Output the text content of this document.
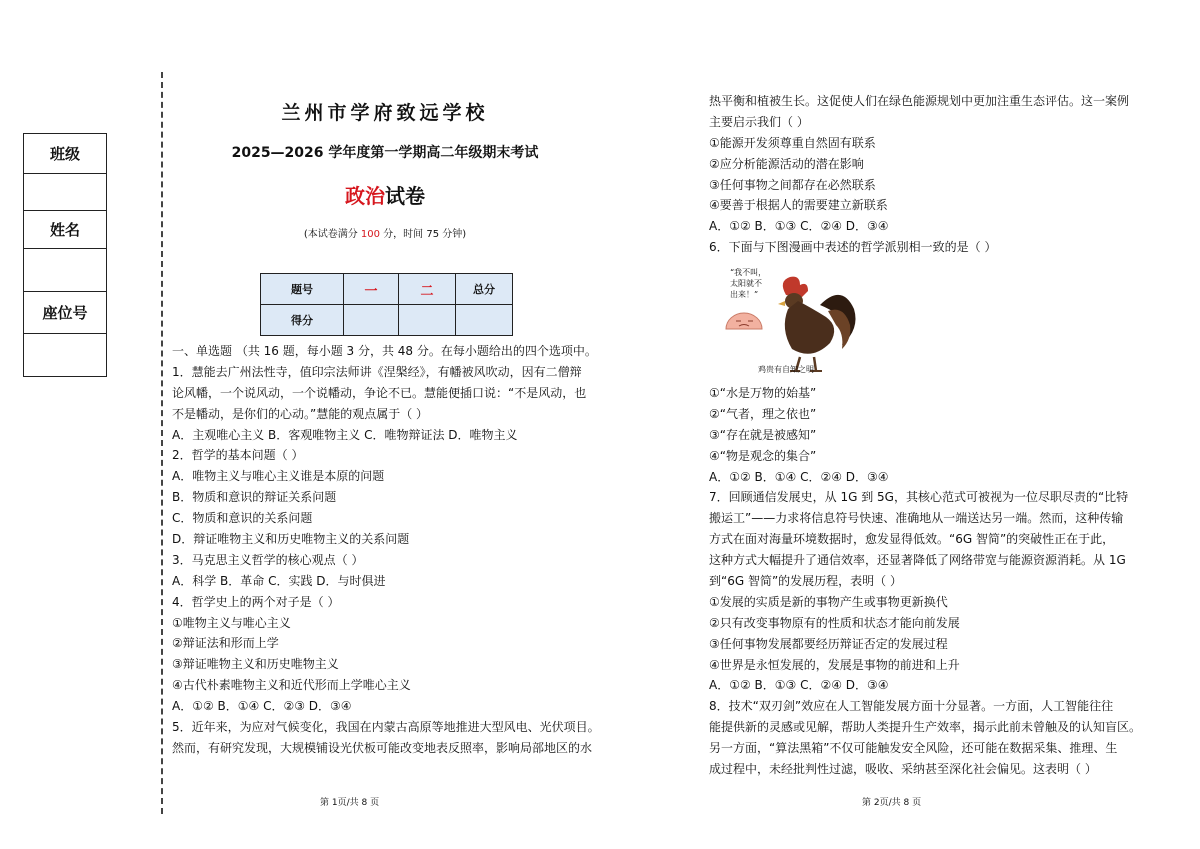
班级
姓名
座位号
兰州市学府致远学校
2025—2026 学年度第一学期高二年级期末考试
政治试卷
(本试卷满分 100 分，时间 75 分钟)
题号	一	二	总分
得分			
一、单选题 （共 16 题，每小题 3 分，共 48 分。在每小题给出的四个选项中。
1．慧能去广州法性寺，值印宗法师讲《涅槃经》，有幡被风吹动，因有二僧辩
论风幡，一个说风动，一个说幡动，争论不已。慧能便插口说：“不是风动，也
不是幡动，是你们的心动。”慧能的观点属于（ ）
A．主观唯心主义 B．客观唯物主义 C．唯物辩证法 D．唯物主义
2．哲学的基本问题（ ）
A．唯物主义与唯心主义谁是本原的问题
B．物质和意识的辩证关系问题
C．物质和意识的关系问题
D．辩证唯物主义和历史唯物主义的关系问题
3．马克思主义哲学的核心观点（ ）
A．科学 B．革命 C．实践 D．与时俱进
4．哲学史上的两个对子是（ ）
①唯物主义与唯心主义
②辩证法和形而上学
③辩证唯物主义和历史唯物主义
④古代朴素唯物主义和近代形而上学唯心主义
A．①② B．①④ C．②③ D．③④
5．近年来，为应对气候变化，我国在内蒙古高原等地推进大型风电、光伏项目。
然而，有研究发现，大规模铺设光伏板可能改变地表反照率，影响局部地区的水
热平衡和植被生长。这促使人们在绿色能源规划中更加注重生态评估。这一案例
主要启示我们（ ）
①能源开发须尊重自然固有联系
②应分析能源活动的潜在影响
③任何事物之间都存在必然联系
④要善于根据人的需要建立新联系
A．①② B．①③ C．②④ D．③④
6．下面与下图漫画中表述的哲学派别相一致的是（ ）
“我不叫，
太阳就不
出来！”
鸡贵有自知之明
①“水是万物的始基”
②“气者，理之依也”
③“存在就是被感知”
④“物是观念的集合”
A．①② B．①④ C．②④ D．③④
7．回顾通信发展史，从 1G 到 5G，其核心范式可被视为一位尽职尽责的“比特
搬运工”——力求将信息符号快速、准确地从一端送达另一端。然而，这种传输
方式在面对海量环境数据时，愈发显得低效。“6G 智简”的突破性正在于此，
这种方式大幅提升了通信效率，还显著降低了网络带宽与能源资源消耗。从 1G
到“6G 智简”的发展历程，表明（ ）
①发展的实质是新的事物产生或事物更新换代
②只有改变事物原有的性质和状态才能向前发展
③任何事物发展都要经历辩证否定的发展过程
④世界是永恒发展的，发展是事物的前进和上升
A．①② B．①③ C．②④ D．③④
8．技术“双刃剑”效应在人工智能发展方面十分显著。一方面，人工智能往往
能提供新的灵感或见解，帮助人类提升生产效率，揭示此前未曾触及的认知盲区。
另一方面，“算法黑箱”不仅可能触发安全风险，还可能在数据采集、推理、生
成过程中，未经批判性过滤，吸收、采纳甚至深化社会偏见。这表明（ ）
第 1页/共 8 页	第 2页/共 8 页
